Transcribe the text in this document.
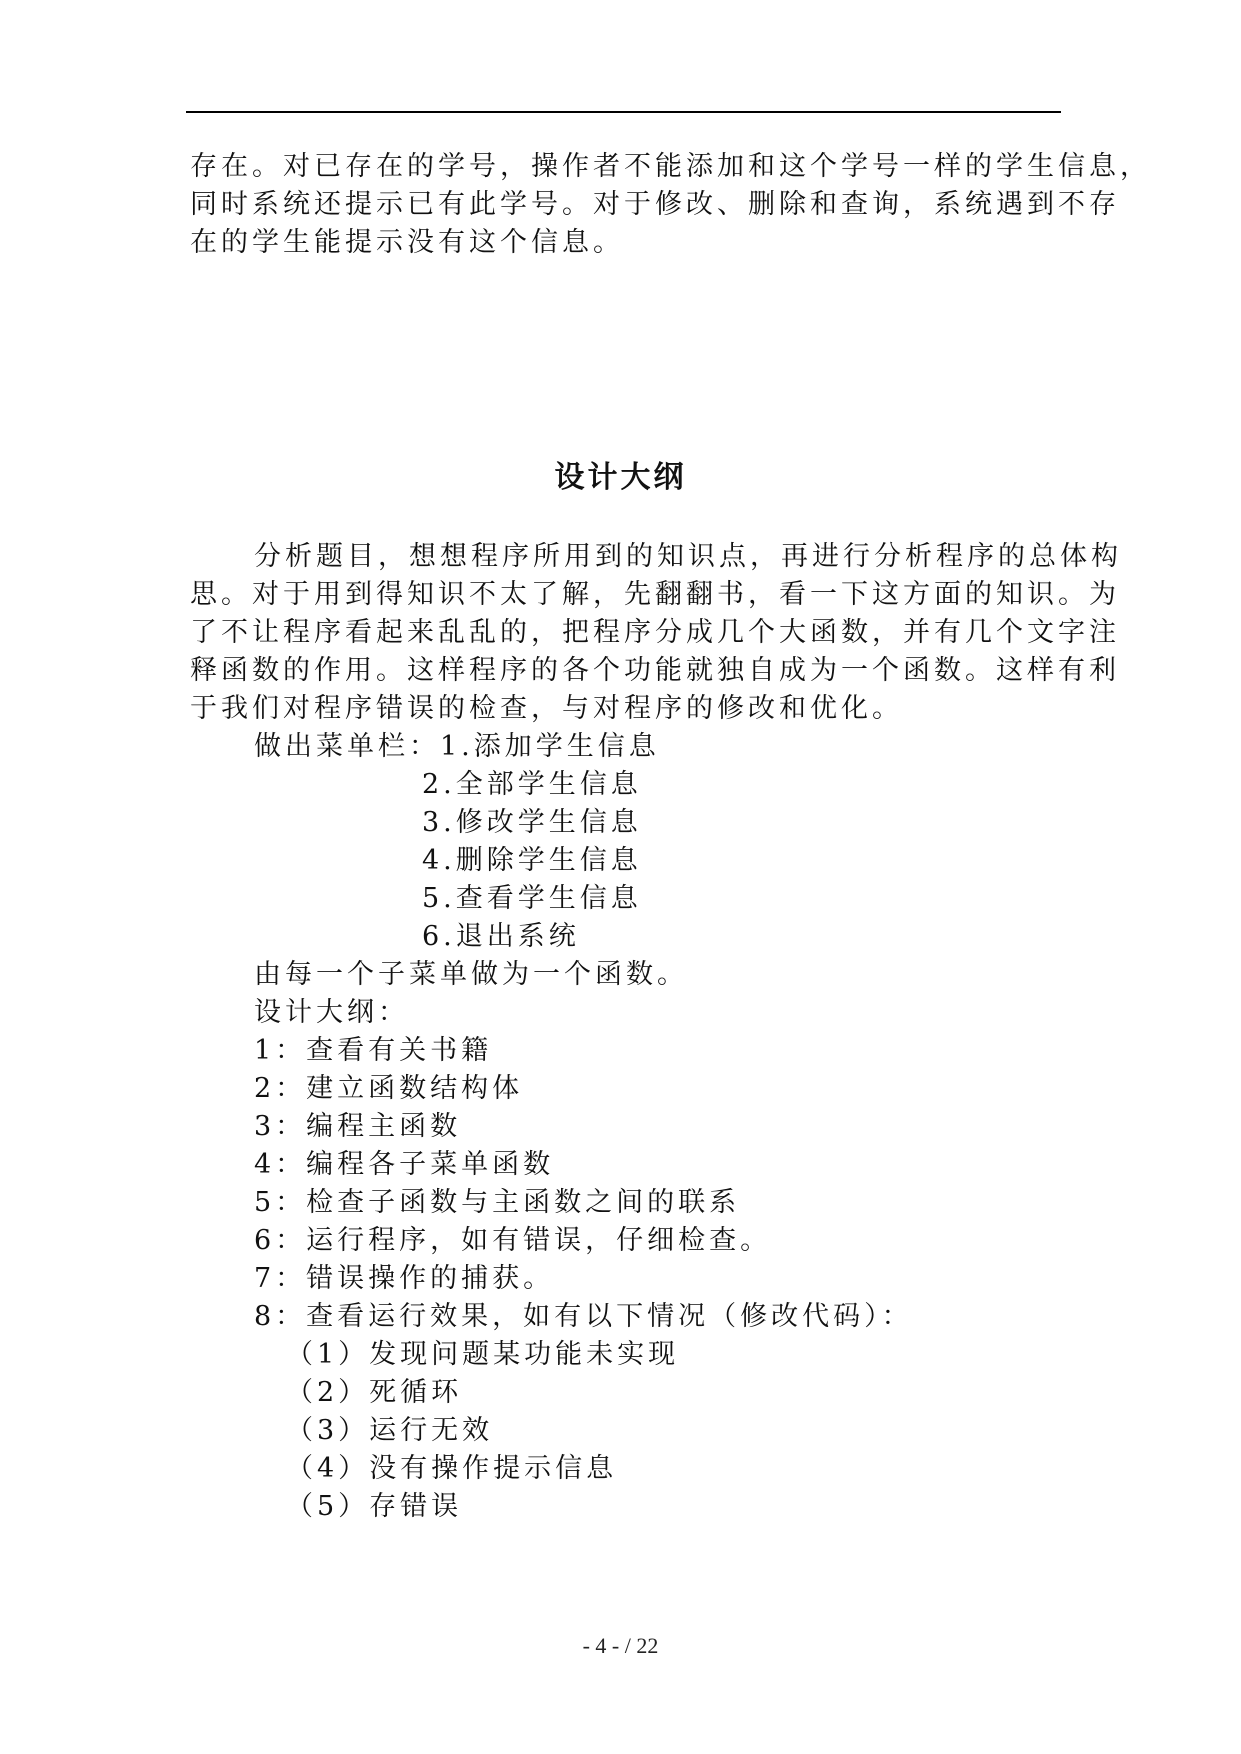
存在。对已存在的学号，操作者不能添加和这个学号一样的学生信息，
同时系统还提示已有此学号。对于修改、删除和查询，系统遇到不存
在的学生能提示没有这个信息。

设计大纲

分析题目，想想程序所用到的知识点，再进行分析程序的总体构
思。对于用到得知识不太了解，先翻翻书，看一下这方面的知识。为
了不让程序看起来乱乱的，把程序分成几个大函数，并有几个文字注
释函数的作用。这样程序的各个功能就独自成为一个函数。这样有利
于我们对程序错误的检查，与对程序的修改和优化。

做出菜单栏：1.添加学生信息
2.全部学生信息
3.修改学生信息
4.删除学生信息
5.查看学生信息
6.退出系统
由每一个子菜单做为一个函数。
设计大纲：
1：查看有关书籍
2：建立函数结构体
3：编程主函数
4：编程各子菜单函数
5：检查子函数与主函数之间的联系
6：运行程序，如有错误，仔细检查。
7：错误操作的捕获。
8：查看运行效果，如有以下情况（修改代码）：
（1）发现问题某功能未实现
（2）死循环
（3）运行无效
（4）没有操作提示信息
（5）存错误
- 4 - / 22
